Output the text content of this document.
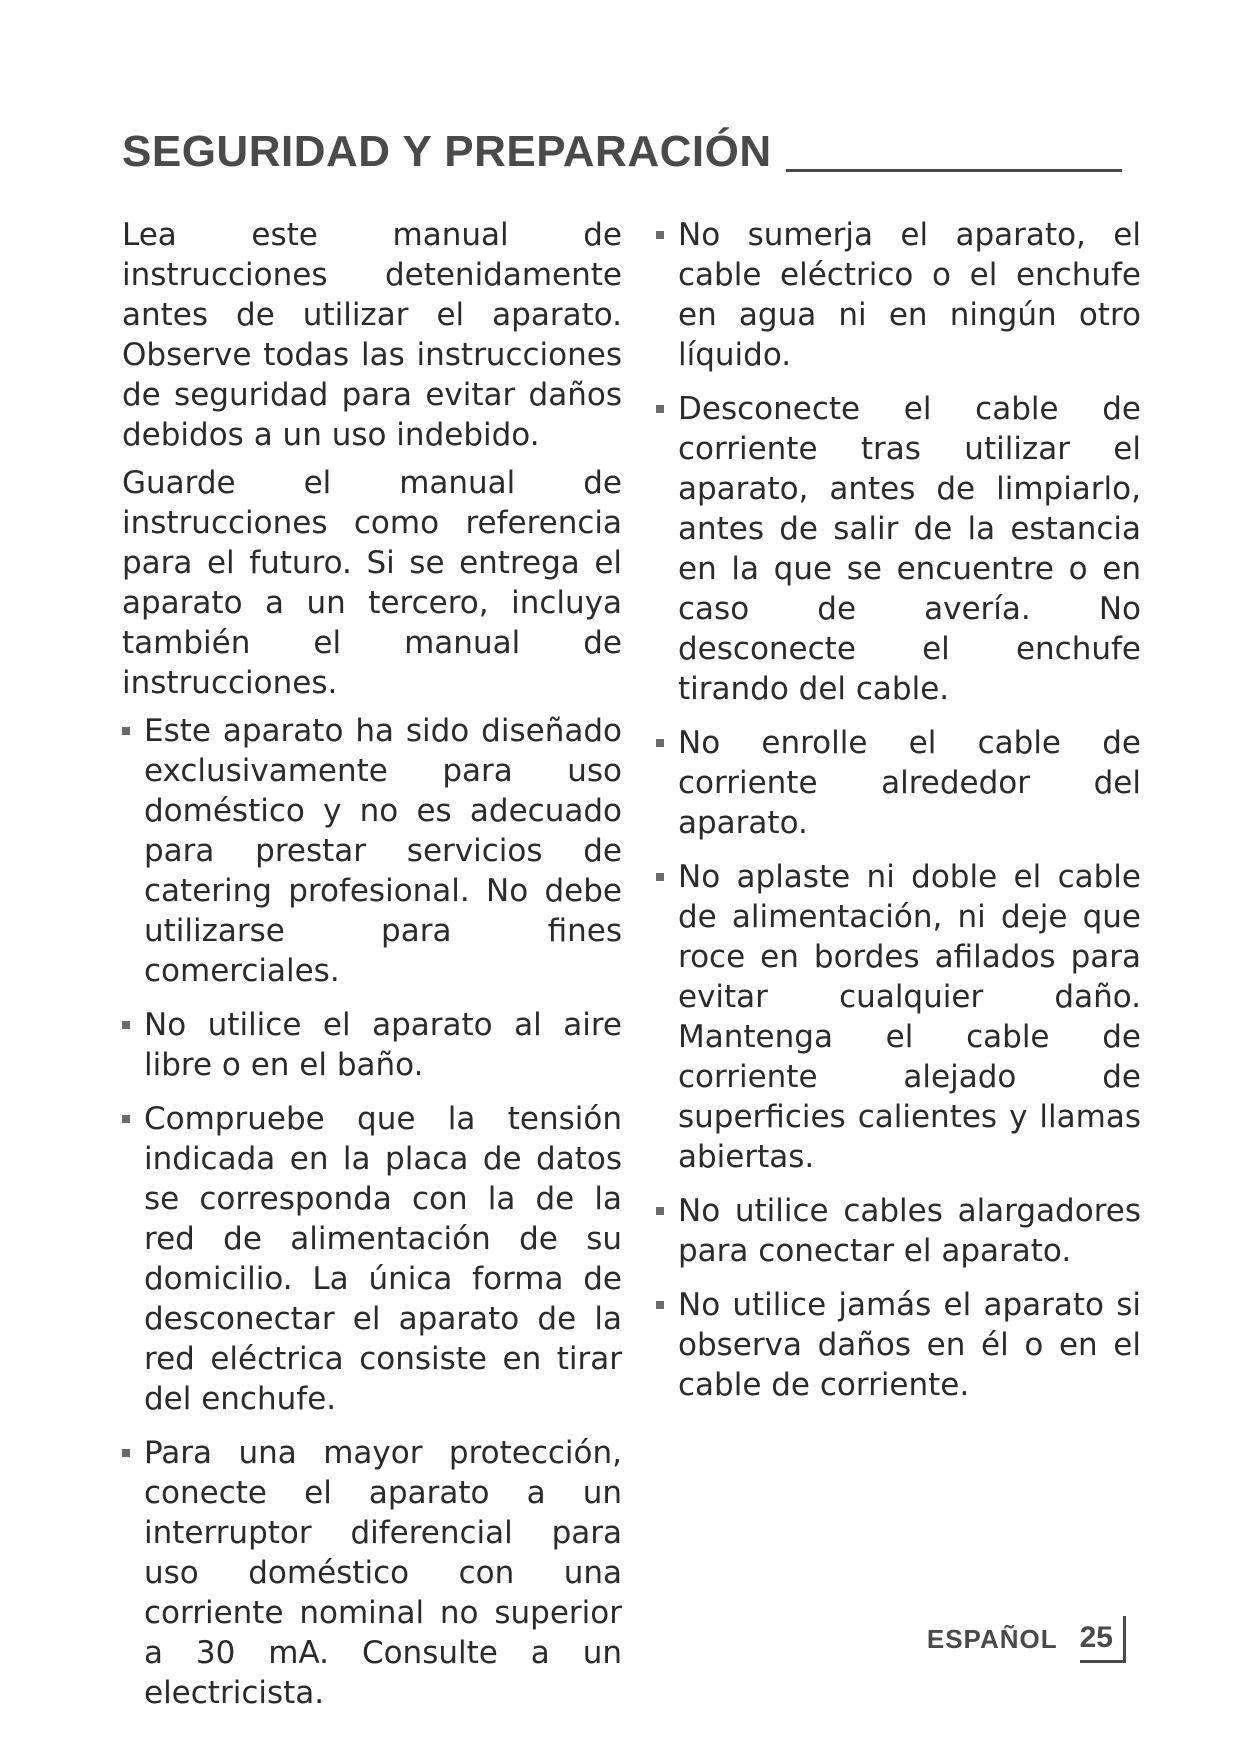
SEGURIDAD Y PREPARACIÓN

Lea este manual de instrucciones detenidamente antes de utilizar el aparato. Observe todas las instrucciones de seguridad para evitar daños debidos a un uso indebido.

Guarde el manual de instrucciones como referencia para el futuro. Si se entrega el aparato a un tercero, incluya también el manual de instrucciones.

Este aparato ha sido diseñado exclusivamente para uso doméstico y no es adecuado para prestar servicios de catering profesional. No debe utilizarse para fines comerciales.
No utilice el aparato al aire libre o en el baño.
Compruebe que la tensión indicada en la placa de datos se corresponda con la de la red de alimentación de su domicilio. La única forma de desconectar el aparato de la red eléctrica consiste en tirar del enchufe.
Para una mayor protección, conecte el aparato a un interruptor diferencial para uso doméstico con una corriente nominal no superior a 30 mA. Consulte a un electricista.
No sumerja el aparato, el cable eléctrico o el enchufe en agua ni en ningún otro líquido.
Desconecte el cable de corriente tras utilizar el aparato, antes de limpiarlo, antes de salir de la estancia en la que se encuentre o en caso de avería. No desconecte el enchufe tirando del cable.
No enrolle el cable de corriente alrededor del aparato.
No aplaste ni doble el cable de alimentación, ni deje que roce en bordes afilados para evitar cualquier daño. Mantenga el cable de corriente alejado de superficies calientes y llamas abiertas.
No utilice cables alargadores para conectar el aparato.
No utilice jamás el aparato si observa daños en él o en el cable de corriente.
ESPAÑOL 25
